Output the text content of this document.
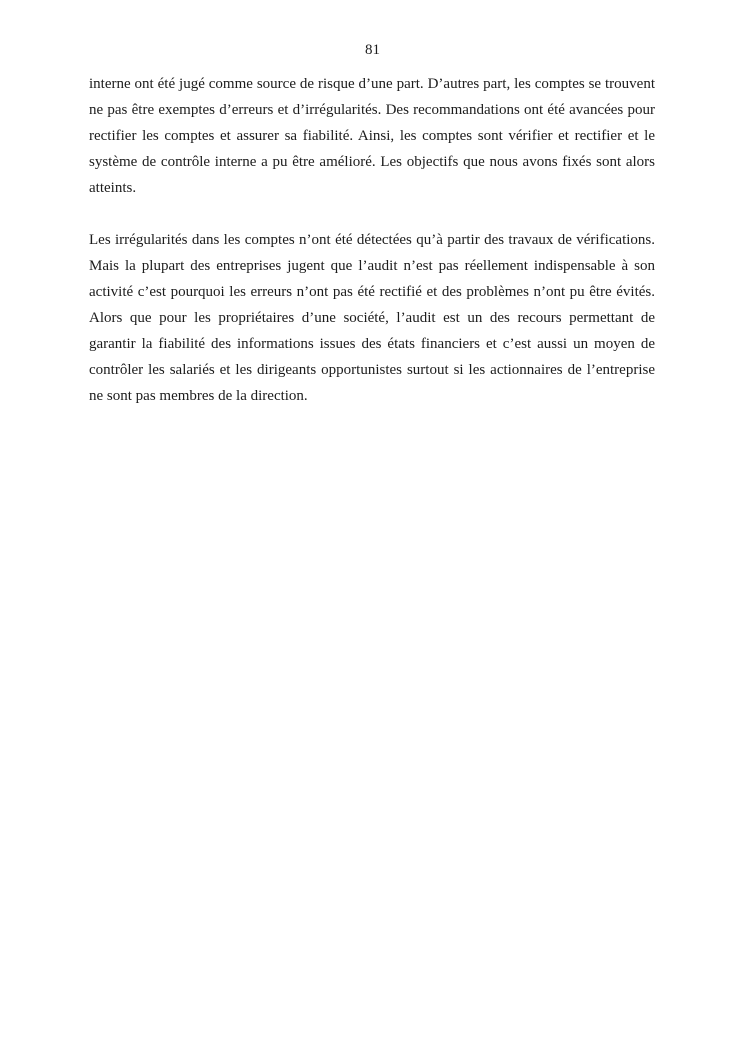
81
interne ont été jugé comme source de risque d’une part. D’autres part, les comptes se trouvent
ne pas être exemptes d’erreurs et d’irrégularités. Des recommandations ont été avancées pour
rectifier les comptes et assurer sa fiabilité. Ainsi, les comptes sont vérifier et rectifier et le
système de contrôle interne a pu être amélioré. Les objectifs que nous avons fixés sont alors
atteints.
Les irrégularités dans les comptes n’ont été détectées qu’à partir des travaux de vérifications.
Mais la plupart des entreprises jugent que l’audit n’est pas réellement indispensable à son
activité c’est pourquoi les erreurs n’ont pas été rectifié et des problèmes n’ont pu être évités.
Alors que pour les propriétaires d’une société, l’audit est un des recours permettant de
garantir la fiabilité des informations issues des états financiers et c’est aussi un moyen de
contrôler les salariés et les dirigeants opportunistes surtout si les actionnaires de l’entreprise
ne sont pas membres de la direction.
